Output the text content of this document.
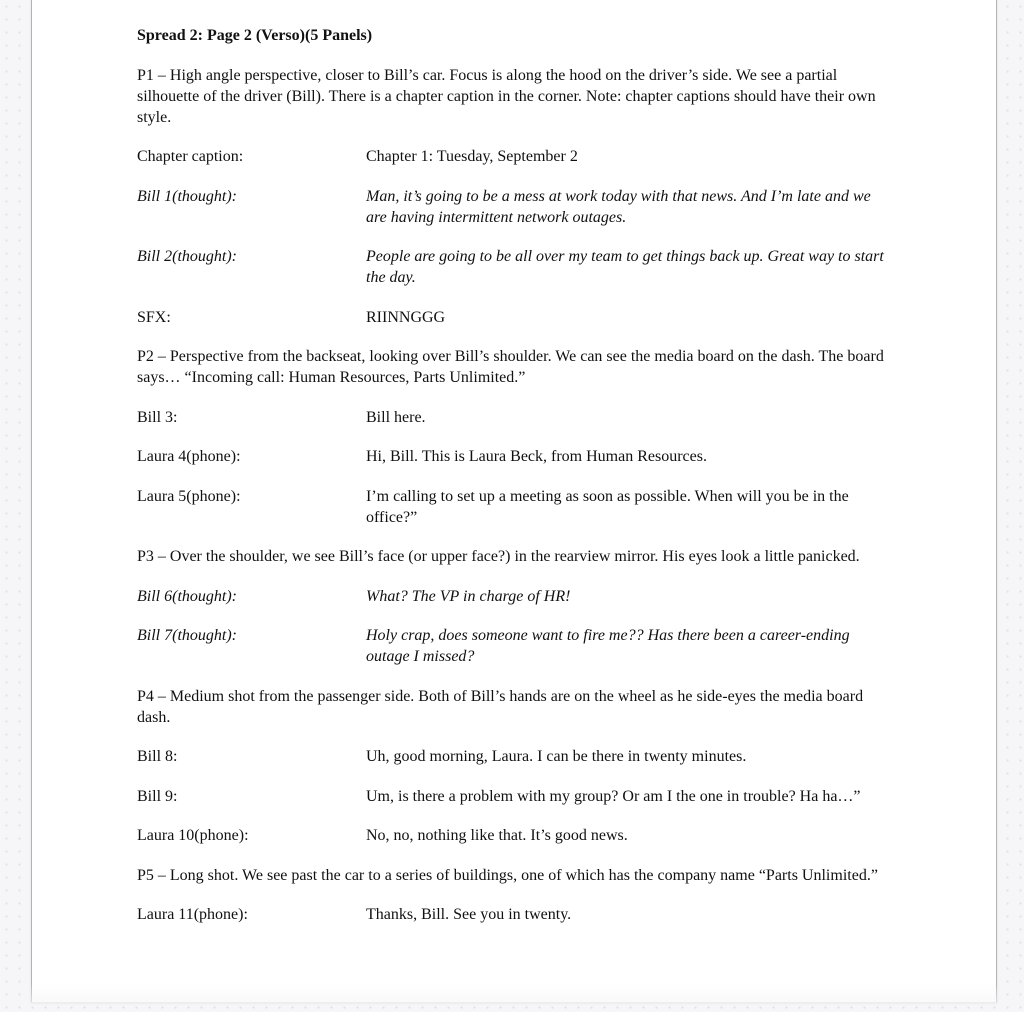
Spread 2: Page 2 (Verso)(5 Panels)
P1 – High angle perspective, closer to Bill’s car. Focus is along the hood on the driver’s side. We see a partial silhouette of the driver (Bill). There is a chapter caption in the corner. Note: chapter captions should have their own style.
Chapter caption:	Chapter 1: Tuesday, September 2
Bill 1(thought):	Man, it’s going to be a mess at work today with that news. And I’m late and we are having intermittent network outages.
Bill 2(thought):	People are going to be all over my team to get things back up. Great way to start the day.
SFX:	RIINNGGG
P2 – Perspective from the backseat, looking over Bill’s shoulder. We can see the media board on the dash. The board says… “Incoming call: Human Resources, Parts Unlimited.”
Bill 3:	Bill here.
Laura 4(phone):	Hi, Bill. This is Laura Beck, from Human Resources.
Laura 5(phone):	I’m calling to set up a meeting as soon as possible. When will you be in the office?”
P3 – Over the shoulder, we see Bill’s face (or upper face?) in the rearview mirror. His eyes look a little panicked.
Bill 6(thought):	What? The VP in charge of HR!
Bill 7(thought):	Holy crap, does someone want to fire me?? Has there been a career-ending outage I missed?
P4 – Medium shot from the passenger side. Both of Bill’s hands are on the wheel as he side-eyes the media board dash.
Bill 8:	Uh, good morning, Laura. I can be there in twenty minutes.
Bill 9:	Um, is there a problem with my group? Or am I the one in trouble? Ha ha…”
Laura 10(phone):	No, no, nothing like that. It’s good news.
P5 – Long shot. We see past the car to a series of buildings, one of which has the company name “Parts Unlimited.”
Laura 11(phone):	Thanks, Bill. See you in twenty.
